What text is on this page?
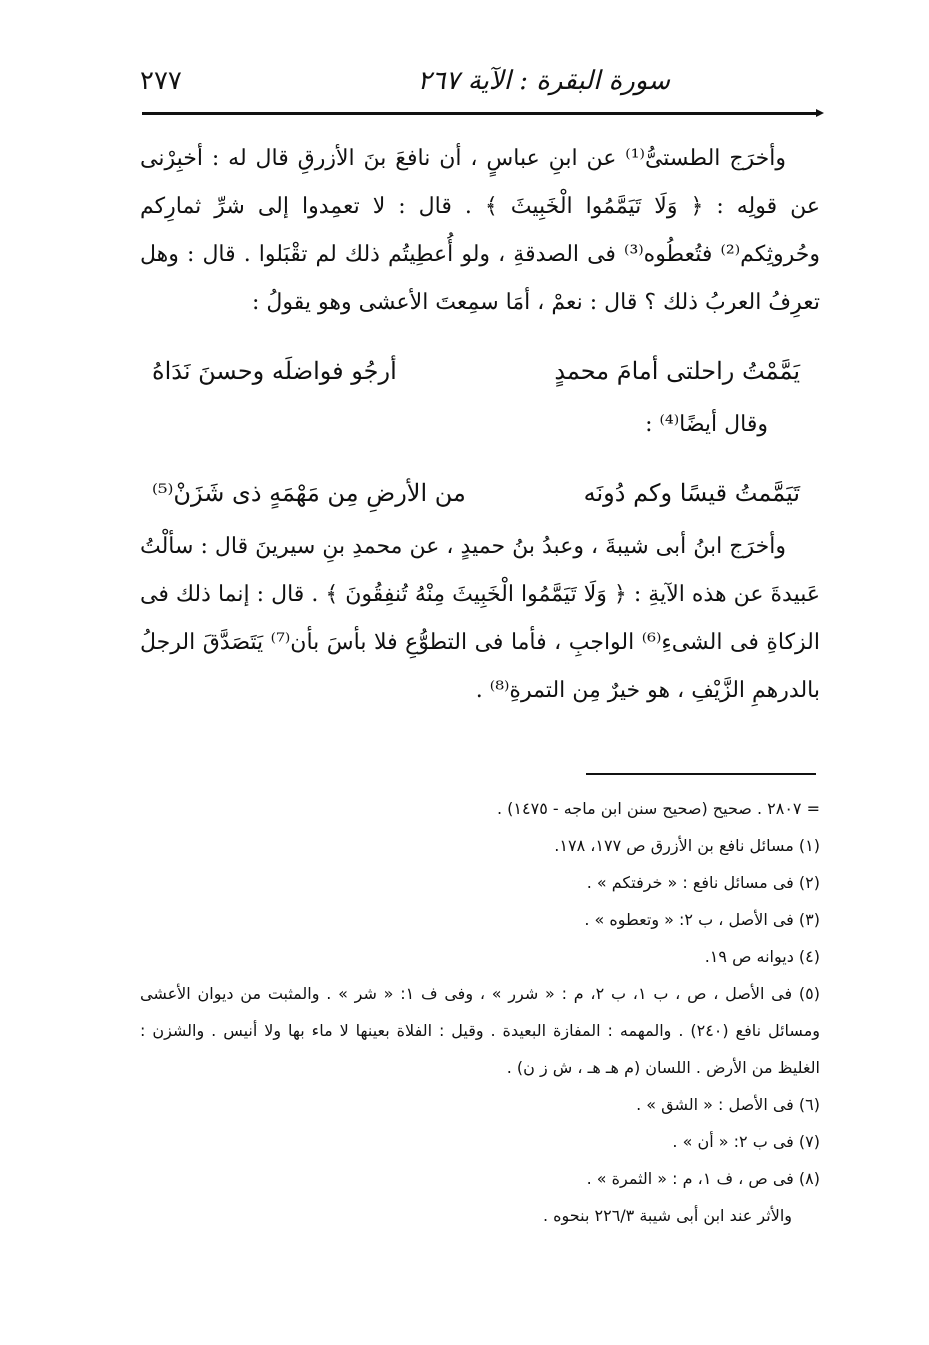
٢٧٧	سورة البقرة : الآية ٢٦٧

وأخرَج الطستىُّ⁽¹⁾ عن ابنِ عباسٍ ، أن نافعَ بنَ الأزرقِ قال له : أخبِرْنى عن قولِه : ﴿ وَلَا تَيَمَّمُوا الْخَبِيثَ ﴾ . قال : لا تعمِدوا إلى شرِّ ثمارِكم وحُروثِكم⁽²⁾ فتُعطُوه⁽³⁾ فى الصدقةِ ، ولو أُعطِيتُم ذلك لم تقْبَلوا . قال : وهل تعرِفُ العربُ ذلك ؟ قال : نعمْ ، أمَا سمِعتَ الأعشى وهو يقولُ :

يَمَّمْتُ راحلتى أمامَ محمدٍ
أرجُو فواضلَه وحسنَ نَدَاهُ

وقال أيضًا⁽⁴⁾ :

تَيَمَّمتُ قيسًا وكم دُونَه
من الأرضِ مِن مَهْمَهٍ ذى شَزَنْ⁽⁵⁾

وأخرَج ابنُ أبى شيبةَ ، وعبدُ بنُ حميدٍ ، عن محمدِ بنِ سيرينَ قال : سألْتُ عَبيدةَ عن هذه الآيةِ : ﴿ وَلَا تَيَمَّمُوا الْخَبِيثَ مِنْهُ تُنفِقُونَ ﴾ . قال : إنما ذلك فى الزكاةِ فى الشىءِ⁽⁶⁾ الواجبِ ، فأما فى التطوُّعِ فلا بأسَ بأن⁽⁷⁾ يَتَصَدَّقَ الرجلُ بالدرهمِ الزَّيْفِ ، هو خيرٌ مِن التمرةِ⁽⁸⁾ .

= ٢٨٠٧ . صحيح (صحيح سنن ابن ماجه - ١٤٧٥) .

(١) مسائل نافع بن الأزرق ص ١٧٧، ١٧٨.

(٢) فى مسائل نافع : « خرفتكم » .

(٣) فى الأصل ، ب ٢: « وتعطوه » .

(٤) ديوانه ص ١٩.

(٥) فى الأصل ، ص ، ب ١، ب ٢، م : « شرر » ، وفى ف ١: « شر » . والمثبت من ديوان الأعشى ومسائل نافع (٢٤٠) . والمهمه : المفازة البعيدة . وقيل : الفلاة بعينها لا ماء بها ولا أنيس . والشزن : الغليظ من الأرض . اللسان (م هـ هـ ، ش ز ن) .

(٦) فى الأصل : « الشق » .

(٧) فى ب ٢: « أن » .

(٨) فى ص ، ف ١، م : « الثمرة » .

والأثر عند ابن أبى شيبة ٢٢٦/٣ بنحوه .
